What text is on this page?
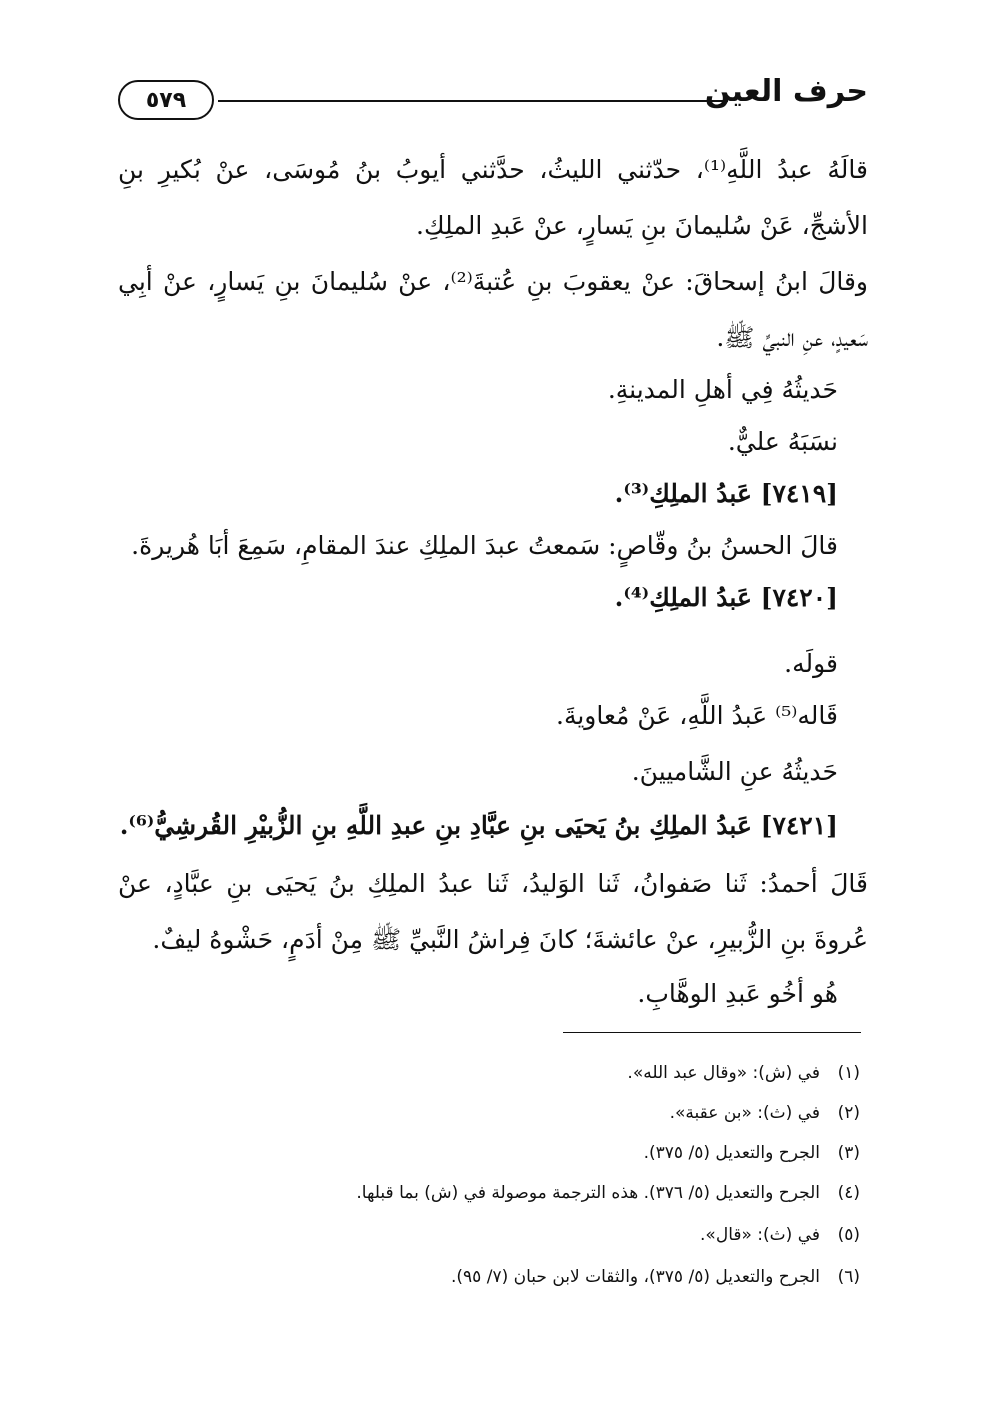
حرف العين
٥٧٩
قالَهُ عبدُ اللَّهِ⁽¹⁾، حدّثني الليثُ، حدَّثني أيوبُ بنُ مُوسَى، عنْ بُكيرِ بنِ
الأشجِّ، عَنْ سُليمانَ بنِ يَسارٍ، عنْ عَبدِ الملِكِ.
وقالَ ابنُ إسحاقَ: عنْ يعقوبَ بنِ عُتبةَ⁽²⁾، عنْ سُليمانَ بنِ يَسارٍ، عنْ أبِي
سَعيدٍ، عنِ النبيِّ ﷺ.
حَديثُهُ فِي أهلِ المدينةِ.
نسَبَهُ عليٌّ.
[٧٤١٩] عَبدُ الملِكِ⁽³⁾.
قالَ الحسنُ بنُ وقّاصٍ: سَمعتُ عبدَ الملِكِ عندَ المقامِ، سَمِعَ أبَا هُريرةَ.
[٧٤٢٠] عَبدُ الملِكِ⁽⁴⁾.
قولَه.
قَاله⁽⁵⁾ عَبدُ اللَّهِ، عَنْ مُعاويةَ.
حَديثُهُ عنِ الشَّاميينَ.
[٧٤٢١] عَبدُ الملِكِ بنُ يَحيَى بنِ عبَّادِ بنِ عبدِ اللَّهِ بنِ الزُّبيْرِ القُرشِيُّ⁽⁶⁾.
قَالَ أحمدُ: ثَنا صَفوانُ، ثَنا الوَليدُ، ثَنا عبدُ الملِكِ بنُ يَحيَى بنِ عبَّادٍ، عنْ
عُروةَ بنِ الزُّبيرِ، عنْ عائشةَ؛ كانَ فِراشُ النَّبيِّ ﷺ مِنْ أدَمٍ، حَشْوهُ ليفٌ.
هُو أخُو عَبدِ الوهَّابِ.
(١)في (ش): «وقال عبد الله».
(٢)في (ث): «بن عقبة».
(٣)الجرح والتعديل (٥/ ٣٧٥).
(٤)الجرح والتعديل (٥/ ٣٧٦). هذه الترجمة موصولة في (ش) بما قبلها.
(٥)في (ث): «قال».
(٦)الجرح والتعديل (٥/ ٣٧٥)، والثقات لابن حبان (٧/ ٩٥).
